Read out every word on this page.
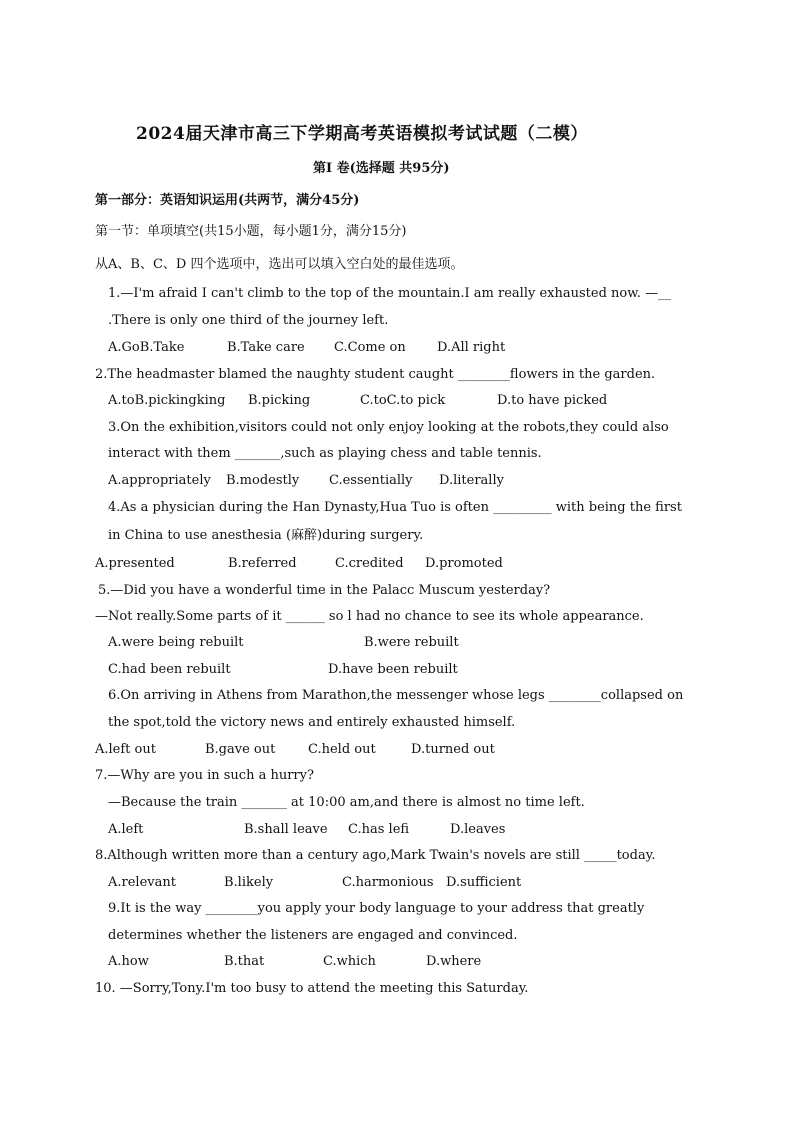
2024届天津市高三下学期高考英语模拟考试试题（二模）
第I 卷(选择题 共95分)
第一部分：英语知识运用(共两节，满分45分)
第一节：单项填空(共15小题，每小题1分，满分15分)
从A、B、C、D 四个选项中，选出可以填入空白处的最佳选项。
1.—I'm afraid I can't climb to the top of the mountain.I am really exhausted now. —__
.There is only one third of the journey left.
A.GoB.Take	B.Take care C.Come on D.All right
2.The headmaster blamed the naughty student caught ________flowers in the garden.
A.toB.pickingking B.picking	C.toC.to pick	D.to have picked
3.On the exhibition,visitors could not only enjoy looking at the robots,they could also
interact with them _______,such as playing chess and table tennis.
A.appropriately B.modestly C.essentially D.literally
4.As a physician during the Han Dynasty,Hua Tuo is often _________ with being the first
in China to use anesthesia (麻醉)during surgery.
A.presented	B.referred	C.credited D.promoted
5.—Did you have a wonderful time in the Palacc Muscum yesterday?
—Not really.Some parts of it ______ so l had no chance to see its whole appearance.
A.were being rebuilt	B.were rebuilt
C.had been rebuilt	D.have been rebuilt
6.On arriving in Athens from Marathon,the messenger whose legs ________collapsed on
the spot,told the victory news and entirely exhausted himself.
A.left out	B.gave out	C.held out	D.turned out
7.—Why are you in such a hurry?
—Because the train _______ at 10:00 am,and there is almost no time left.
A.left	B.shall leave C.has lefi	D.leaves
8.Although written more than a century ago,Mark Twain's novels are still _____today.
A.relevant	B.likely	C.harmonious D.sufficient
9.It is the way ________you apply your body language to your address that greatly
determines whether the listeners are engaged and convinced.
A.how	B.that	C.which	D.where
10. —Sorry,Tony.I'm too busy to attend the meeting this Saturday.
